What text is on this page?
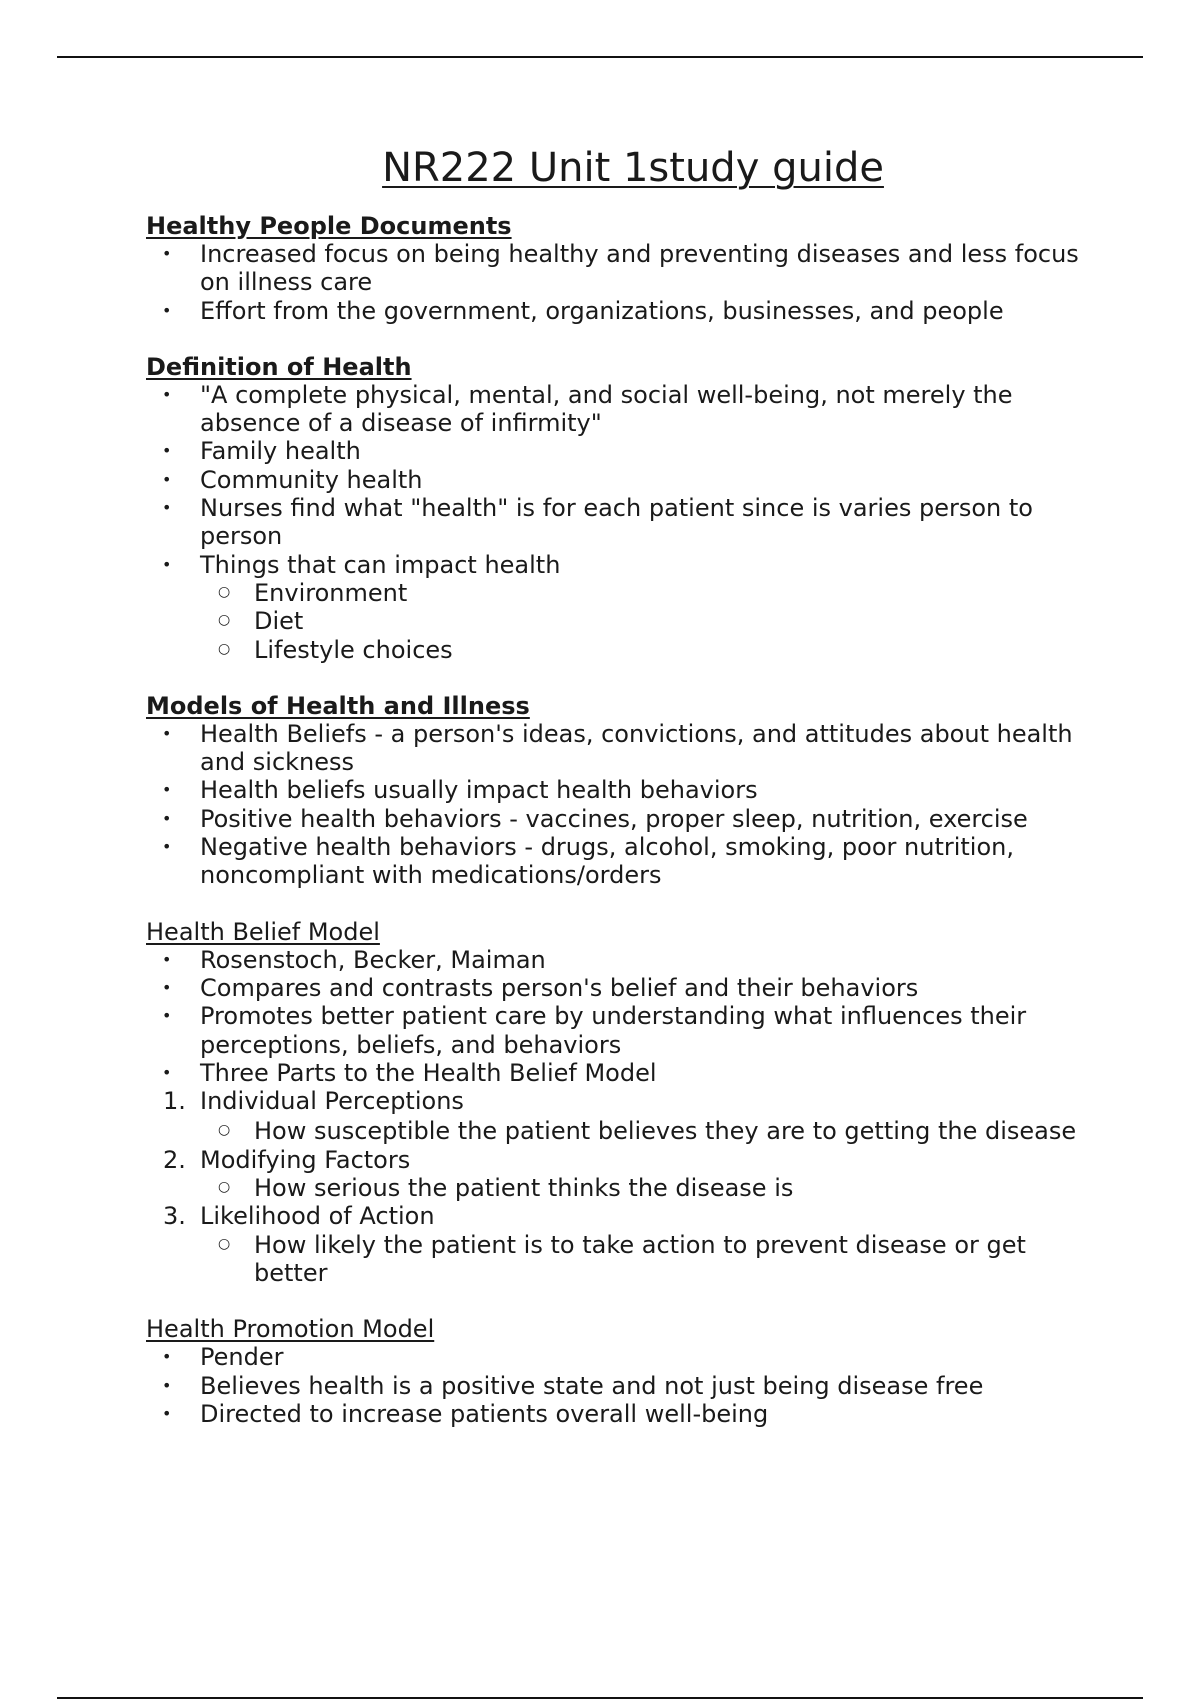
NR222 Unit 1study guide
Healthy People Documents
• Increased focus on being healthy and preventing diseases and less focus on illness care
• Effort from the government, organizations, businesses, and people
Definition of Health
• "A complete physical, mental, and social well-being, not merely the absence of a disease of infirmity"
• Family health
• Community health
• Nurses find what "health" is for each patient since is varies person to person
• Things that can impact health
○ Environment
○ Diet
○ Lifestyle choices
Models of Health and Illness
• Health Beliefs - a person's ideas, convictions, and attitudes about health and sickness
• Health beliefs usually impact health behaviors
• Positive health behaviors - vaccines, proper sleep, nutrition, exercise
• Negative health behaviors - drugs, alcohol, smoking, poor nutrition, noncompliant with medications/orders
Health Belief Model
• Rosenstoch, Becker, Maiman
• Compares and contrasts person's belief and their behaviors
• Promotes better patient care by understanding what influences their perceptions, beliefs, and behaviors
• Three Parts to the Health Belief Model
1. Individual Perceptions
○ How susceptible the patient believes they are to getting the disease
2. Modifying Factors
○ How serious the patient thinks the disease is
3. Likelihood of Action
○ How likely the patient is to take action to prevent disease or get better
Health Promotion Model
• Pender
• Believes health is a positive state and not just being disease free
• Directed to increase patients overall well-being
